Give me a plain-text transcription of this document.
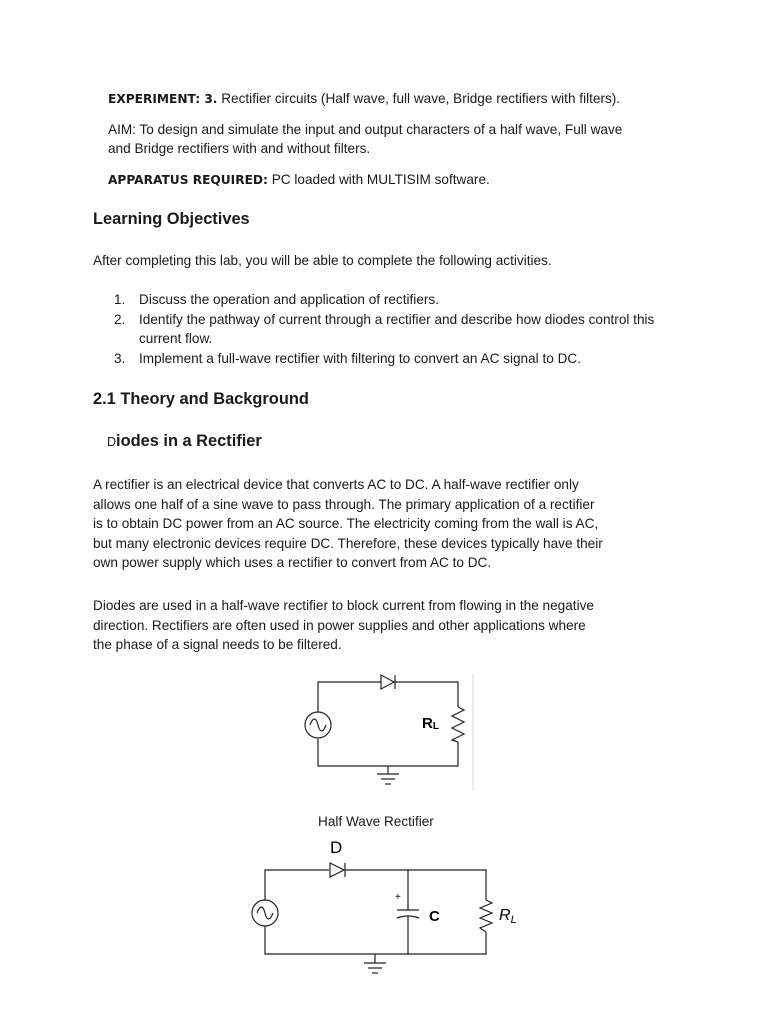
EXPERIMENT: 3. Rectifier circuits (Half wave, full wave, Bridge rectifiers with filters).

AIM: To design and simulate the input and output characters of a half wave, Full wave

and Bridge rectifiers with and without filters.

APPARATUS REQUIRED: PC loaded with MULTISIM software.

Learning Objectives

After completing this lab, you will be able to complete the following activities.

1. Discuss the operation and application of rectifiers.
2. Identify the pathway of current through a rectifier and describe how diodes control this current flow.
3. Implement a full-wave rectifier with filtering to convert an AC signal to DC.
2.1 Theory and Background
Diodes in a Rectifier
A rectifier is an electrical device that converts AC to DC. A half-wave rectifier only
allows one half of a sine wave to pass through. The primary application of a rectifier
is to obtain DC power from an AC source. The electricity coming from the wall is AC,
but many electronic devices require DC. Therefore, these devices typically have their
own power supply which uses a rectifier to convert from AC to DC.
Diodes are used in a half-wave rectifier to block current from flowing in the negative
direction. Rectifiers are often used in power supplies and other applications where
the phase of a signal needs to be filtered.
RL

Half Wave Rectifier

D
+
C	RL
